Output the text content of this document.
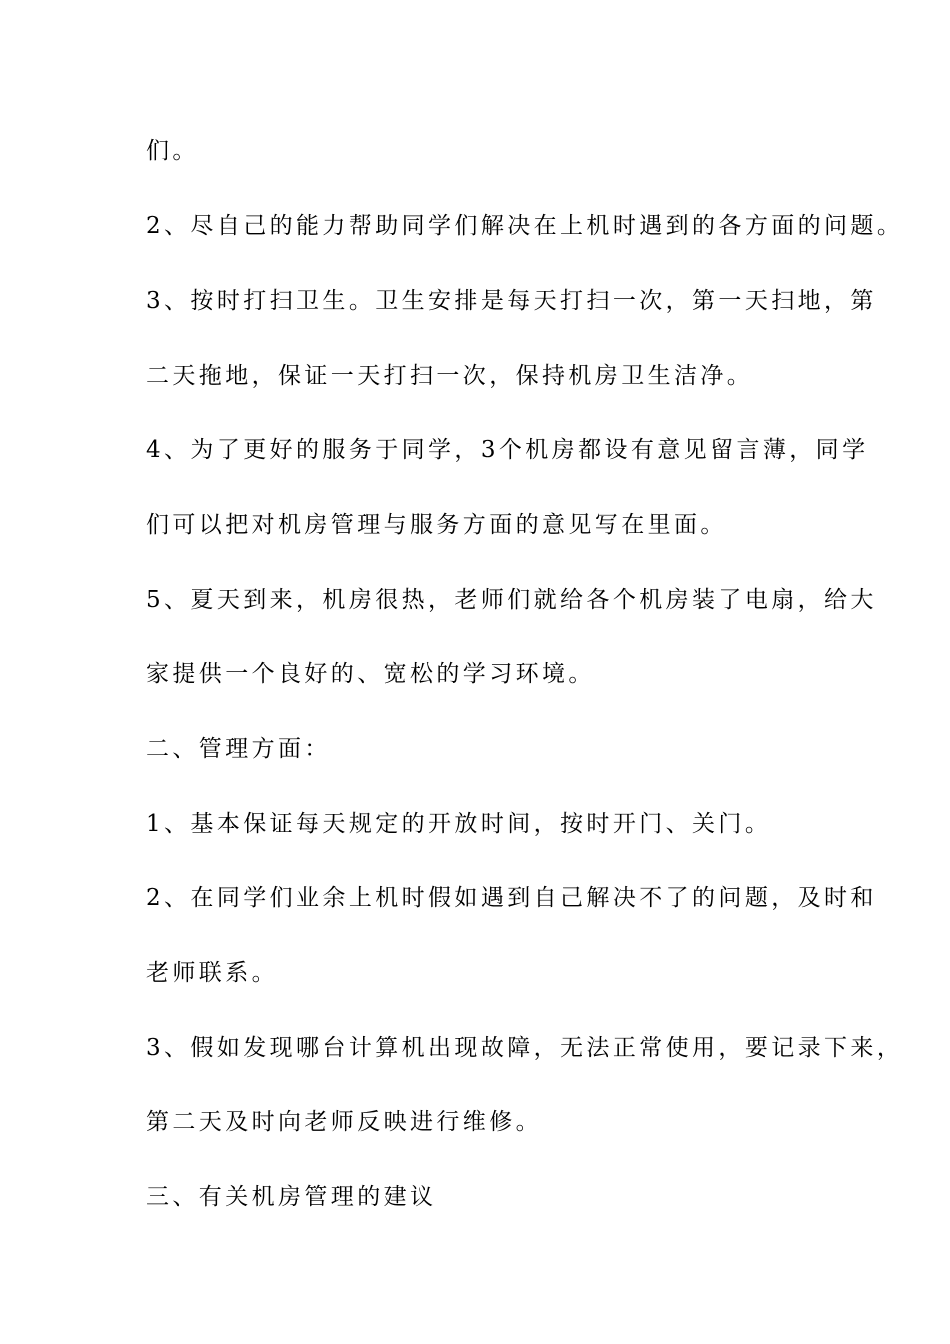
们。

2、尽自己的能力帮助同学们解决在上机时遇到的各方面的问题。

3、按时打扫卫生。卫生安排是每天打扫一次，第一天扫地，第

二天拖地，保证一天打扫一次，保持机房卫生洁净。

4、为了更好的服务于同学，3个机房都设有意见留言薄，同学

们可以把对机房管理与服务方面的意见写在里面。

5、夏天到来，机房很热，老师们就给各个机房装了电扇，给大

家提供一个良好的、宽松的学习环境。

二、管理方面：

1、基本保证每天规定的开放时间，按时开门、关门。

2、在同学们业余上机时假如遇到自己解决不了的问题，及时和

老师联系。

3、假如发现哪台计算机出现故障，无法正常使用，要记录下来，

第二天及时向老师反映进行维修。

三、有关机房管理的建议
